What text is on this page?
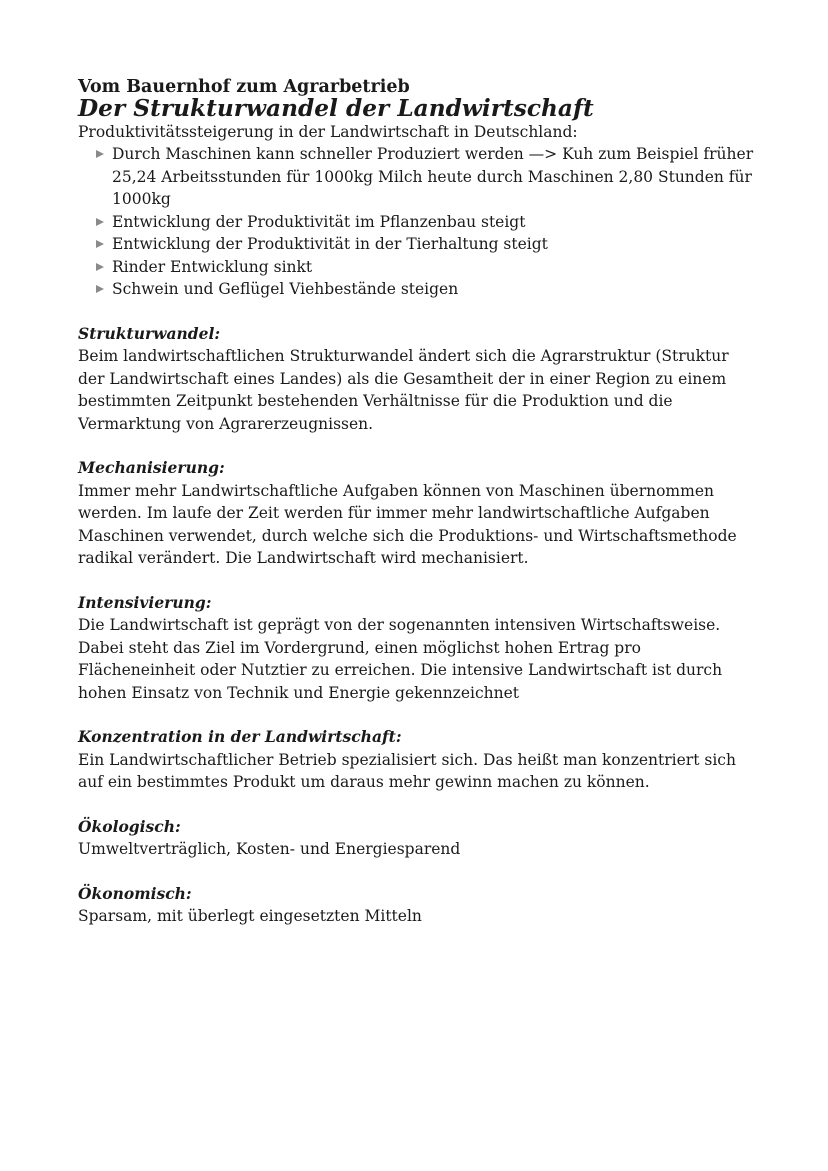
Vom Bauernhof zum Agrarbetrieb
Der Strukturwandel der Landwirtschaft

Produktivitätssteigerung in der Landwirtschaft in Deutschland:

Durch Maschinen kann schneller Produziert werden —> Kuh zum Beispiel früher 25,24 Arbeitsstunden für 1000kg Milch heute durch Maschinen 2,80 Stunden für 1000kg
Entwicklung der Produktivität im Pflanzenbau steigt
Entwicklung der Produktivität in der Tierhaltung steigt
Rinder Entwicklung sinkt
Schwein und Geflügel Viehbestände steigen
Strukturwandel:

Beim landwirtschaftlichen Strukturwandel ändert sich die Agrarstruktur (Struktur der Landwirtschaft eines Landes) als die Gesamtheit der in einer Region zu einem bestimmten Zeitpunkt bestehenden Verhältnisse für die Produktion und die Vermarktung von Agrarerzeugnissen.

Mechanisierung:

Immer mehr Landwirtschaftliche Aufgaben können von Maschinen übernommen werden. Im laufe der Zeit werden für immer mehr landwirtschaftliche Aufgaben Maschinen verwendet, durch welche sich die Produktions- und Wirtschaftsmethode radikal verändert. Die Landwirtschaft wird mechanisiert.

Intensivierung:

Die Landwirtschaft ist geprägt von der sogenannten intensiven Wirtschaftsweise. Dabei steht das Ziel im Vordergrund, einen möglichst hohen Ertrag pro Flächeneinheit oder Nutztier zu erreichen. Die intensive Landwirtschaft ist durch hohen Einsatz von Technik und Energie gekennzeichnet

Konzentration in der Landwirtschaft:

Ein Landwirtschaftlicher Betrieb spezialisiert sich. Das heißt man konzentriert sich auf ein bestimmtes Produkt um daraus mehr gewinn machen zu können.

Ökologisch:

Umweltverträglich, Kosten- und Energiesparend

Ökonomisch:

Sparsam, mit überlegt eingesetzten Mitteln
